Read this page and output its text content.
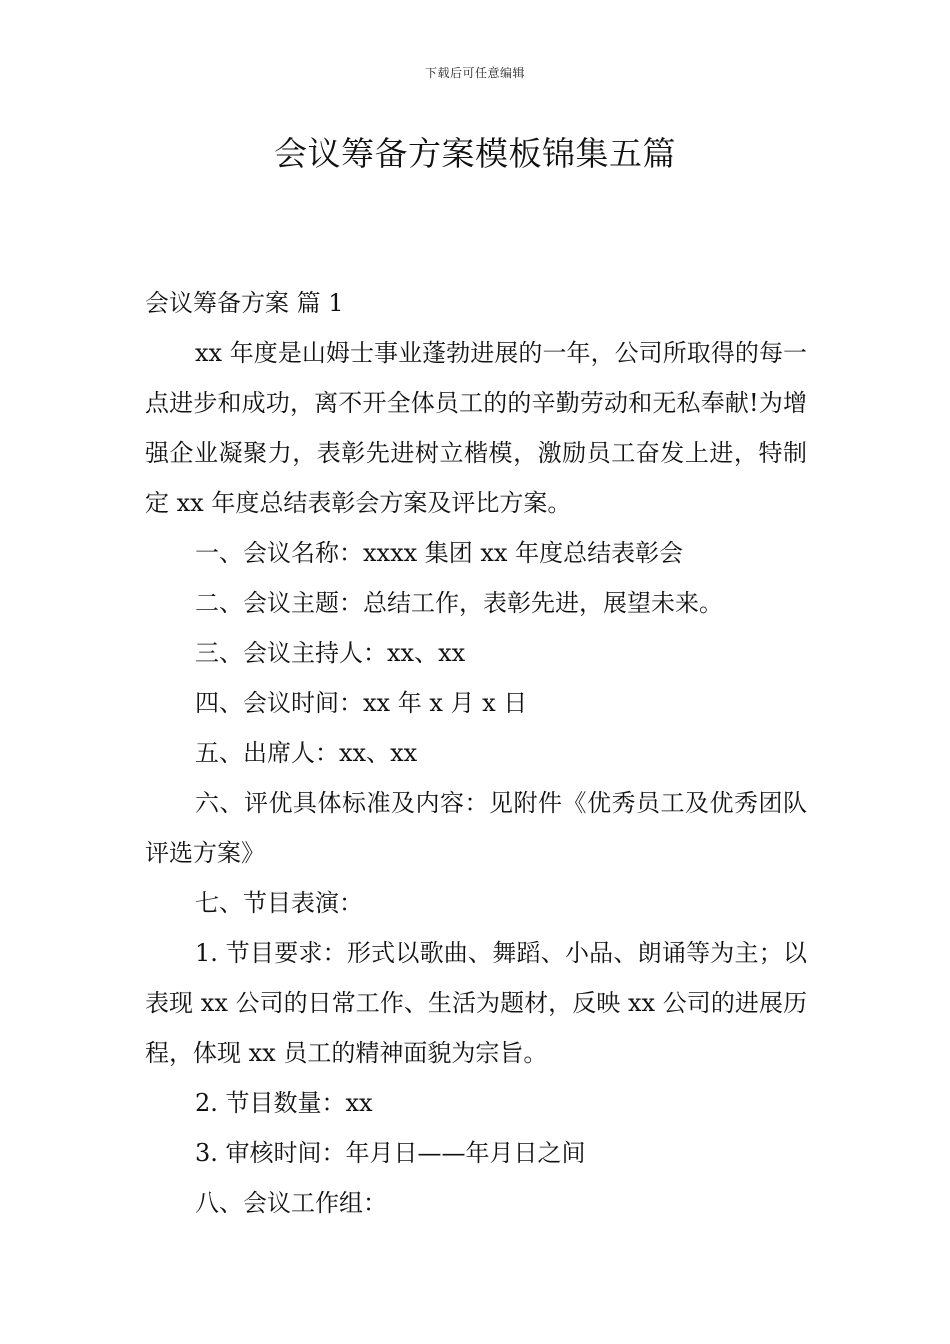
下载后可任意编辑
会议筹备方案模板锦集五篇

会议筹备方案 篇 1

xx 年度是山姆士事业蓬勃进展的一年，公司所取得的每一点进步和成功，离不开全体员工的的辛勤劳动和无私奉献!为增强企业凝聚力，表彰先进树立楷模，激励员工奋发上进，特制定 xx 年度总结表彰会方案及评比方案。

一、会议名称：xxxx 集团 xx 年度总结表彰会

二、会议主题：总结工作，表彰先进，展望未来。

三、会议主持人：xx、xx

四、会议时间：xx 年 x 月 x 日

五、出席人：xx、xx

六、评优具体标准及内容：见附件《优秀员工及优秀团队评选方案》

七、节目表演：

1. 节目要求：形式以歌曲、舞蹈、小品、朗诵等为主；以表现 xx 公司的日常工作、生活为题材，反映 xx 公司的进展历程，体现 xx 员工的精神面貌为宗旨。

2. 节目数量：xx

3. 审核时间：年月日——年月日之间

八、会议工作组：
